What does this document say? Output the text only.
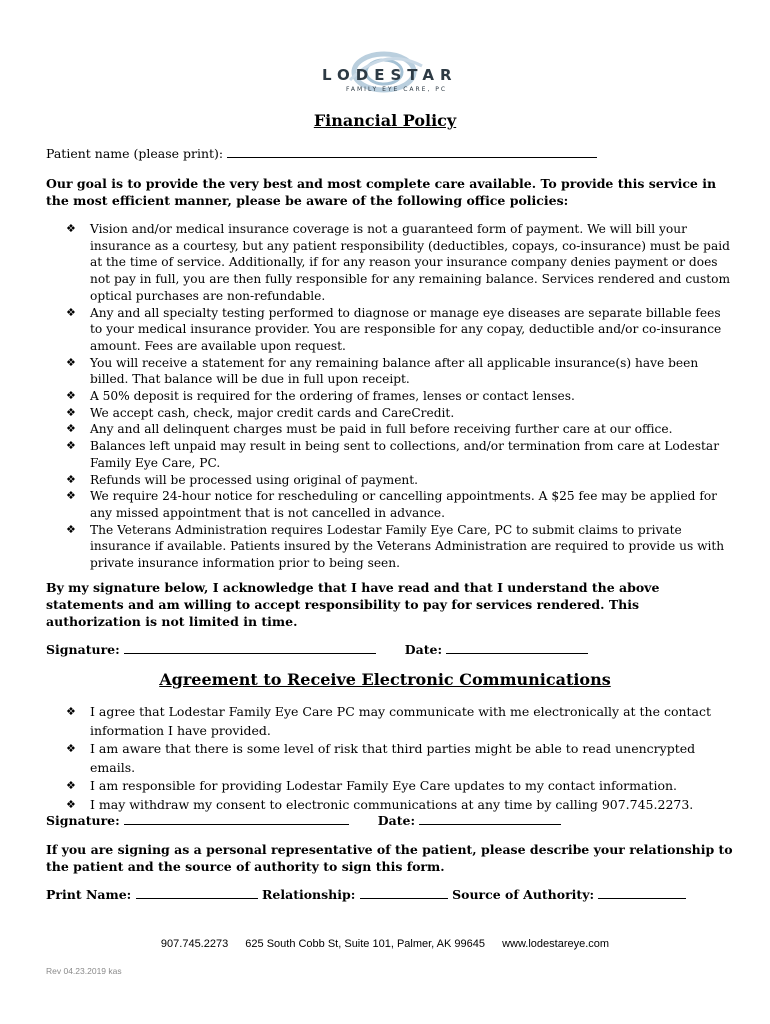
LODESTAR
FAMILY EYE CARE, PC
Financial Policy
Patient name (please print):
Our goal is to provide the very best and most complete care available. To provide this service in the most efficient manner, please be aware of the following office policies:
❖ Vision and/or medical insurance coverage is not a guaranteed form of payment. We will bill your insurance as a courtesy, but any patient responsibility (deductibles, copays, co-insurance) must be paid at the time of service. Additionally, if for any reason your insurance company denies payment or does not pay in full, you are then fully responsible for any remaining balance. Services rendered and custom optical purchases are non-refundable.
❖ Any and all specialty testing performed to diagnose or manage eye diseases are separate billable fees to your medical insurance provider. You are responsible for any copay, deductible and/or co-insurance amount. Fees are available upon request.
❖ You will receive a statement for any remaining balance after all applicable insurance(s) have been billed. That balance will be due in full upon receipt.
❖ A 50% deposit is required for the ordering of frames, lenses or contact lenses.
❖ We accept cash, check, major credit cards and CareCredit.
❖ Any and all delinquent charges must be paid in full before receiving further care at our office.
❖ Balances left unpaid may result in being sent to collections, and/or termination from care at Lodestar Family Eye Care, PC.
❖ Refunds will be processed using original of payment.
❖ We require 24-hour notice for rescheduling or cancelling appointments. A $25 fee may be applied for any missed appointment that is not cancelled in advance.
❖ The Veterans Administration requires Lodestar Family Eye Care, PC to submit claims to private insurance if available. Patients insured by the Veterans Administration are required to provide us with private insurance information prior to being seen.
By my signature below, I acknowledge that I have read and that I understand the above statements and am willing to accept responsibility to pay for services rendered. This authorization is not limited in time.
Signature:	Date:
Agreement to Receive Electronic Communications
❖ I agree that Lodestar Family Eye Care PC may communicate with me electronically at the contact information I have provided.
❖ I am aware that there is some level of risk that third parties might be able to read unencrypted emails.
❖ I am responsible for providing Lodestar Family Eye Care updates to my contact information.
❖ I may withdraw my consent to electronic communications at any time by calling 907.745.2273.
Signature:	Date:
If you are signing as a personal representative of the patient, please describe your relationship to the patient and the source of authority to sign this form.
Print Name:	Relationship:	Source of Authority:
907.745.2273 625 South Cobb St, Suite 101, Palmer, AK 99645 www.lodestareye.com
Rev 04.23.2019 kas
